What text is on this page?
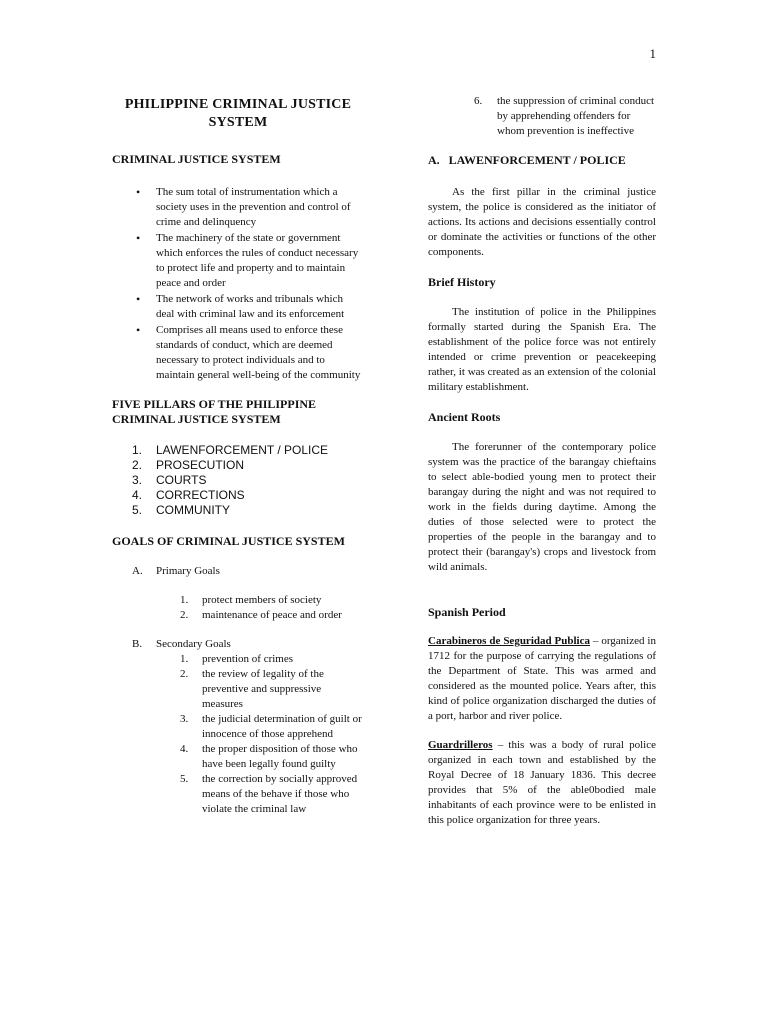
1
PHILIPPINE CRIMINAL JUSTICE SYSTEM
CRIMINAL JUSTICE SYSTEM
• The sum total of instrumentation which a society uses in the prevention and control of crime and delinquency
• The machinery of the state or government which enforces the rules of conduct necessary to protect life and property and to maintain peace and order
• The network of works and tribunals which deal with criminal law and its enforcement
• Comprises all means used to enforce these standards of conduct, which are deemed necessary to protect individuals and to maintain general well-being of the community
FIVE PILLARS OF THE PHILIPPINE CRIMINAL JUSTICE SYSTEM
1. LAWENFORCEMENT / POLICE
2. PROSECUTION
3. COURTS
4. CORRECTIONS
5. COMMUNITY
GOALS OF CRIMINAL JUSTICE SYSTEM

A. Primary Goals

1. protect members of society
2. maintenance of peace and order

B. Secondary Goals

1. prevention of crimes
2. the review of legality of the preventive and suppressive measures
3. the judicial determination of guilt or innocence of those apprehend
4. the proper disposition of those who have been legally found guilty
5. the correction by socially approved means of the behave if those who violate the criminal law
6. the suppression of criminal conduct by apprehending offenders for whom prevention is ineffective
A.   LAWENFORCEMENT / POLICE

As the first pillar in the criminal justice system, the police is considered as the initiator of actions. Its actions and decisions essentially control or dominate the activities or functions of the other components.

Brief History

The institution of police in the Philippines formally started during the Spanish Era. The establishment of the police force was not entirely intended or crime prevention or peacekeeping rather, it was created as an extension of the colonial military establishment.

Ancient Roots

The forerunner of the contemporary police system was the practice of the barangay chieftains to select able-bodied young men to protect their barangay during the night and was not required to work in the fields during daytime. Among the duties of those selected were to protect the properties of the people in the barangay and to protect their (barangay's) crops and livestock from wild animals.

Spanish Period

Carabineros de Seguridad Publica – organized in 1712 for the purpose of carrying the regulations of the Department of State. This was armed and considered as the mounted police. Years after, this kind of police organization discharged the duties of a port, harbor and river police.

Guardrilleros – this was a body of rural police organized in each town and established by the Royal Decree of 18 January 1836. This decree provides that 5% of the able0bodied male inhabitants of each province were to be enlisted in this police organization for three years.
